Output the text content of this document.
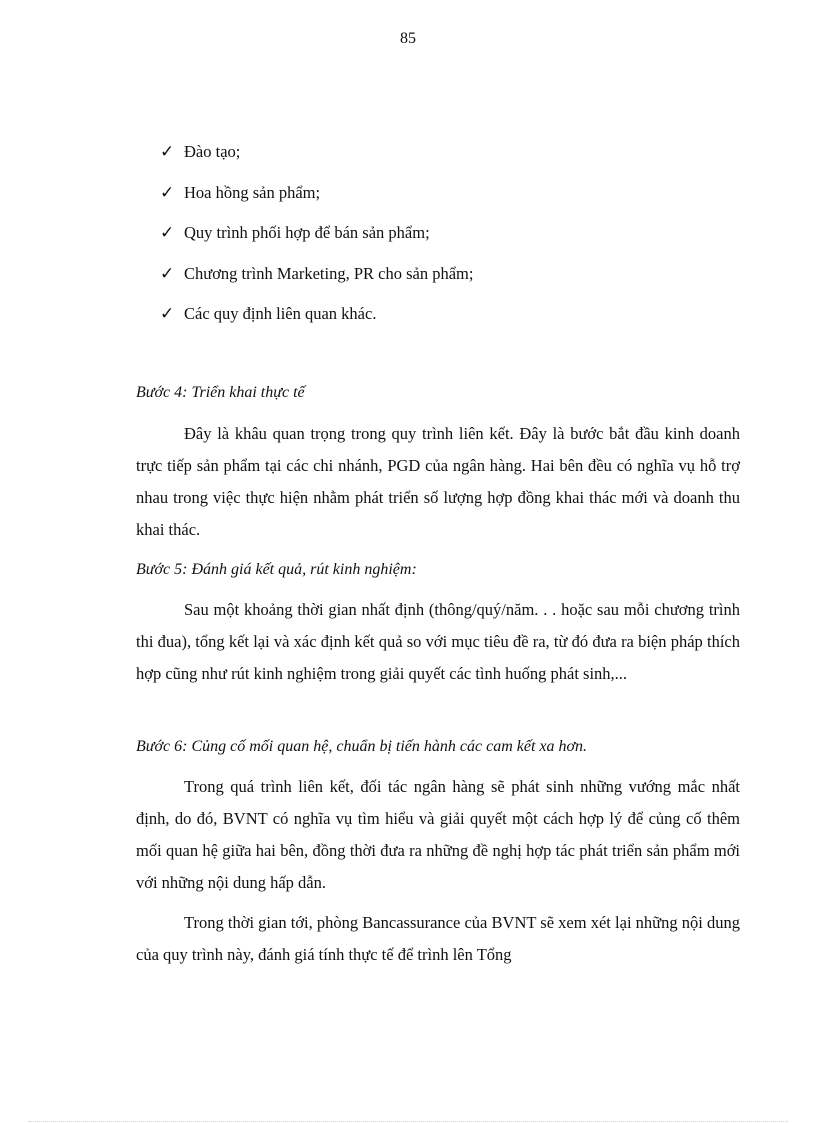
85
✓ Đào tạo;
✓ Hoa hồng sản phẩm;
✓ Quy trình phối hợp để bán sản phẩm;
✓ Chương trình Marketing, PR cho sản phẩm;
✓ Các quy định liên quan khác.
Bước 4: Triển khai thực tế

Đây là khâu quan trọng trong quy trình liên kết. Đây là bước bắt đầu kinh doanh trực tiếp sản phẩm tại các chi nhánh, PGD của ngân hàng. Hai bên đều có nghĩa vụ hỗ trợ nhau trong việc thực hiện nhằm phát triển số lượng hợp đồng khai thác mới và doanh thu khai thác.

Bước 5: Đánh giá kết quả, rút kinh nghiệm:

Sau một khoảng thời gian nhất định (thông/quý/năm. . . hoặc sau mỗi chương trình thi đua), tổng kết lại và xác định kết quả so với mục tiêu đề ra, từ đó đưa ra biện pháp thích hợp cũng như rút kinh nghiệm trong giải quyết các tình huống phát sinh,...

Bước 6: Củng cố mối quan hệ, chuẩn bị tiến hành các cam kết xa hơn.

Trong quá trình liên kết, đối tác ngân hàng sẽ phát sinh những vướng mắc nhất định, do đó, BVNT có nghĩa vụ tìm hiểu và giải quyết một cách hợp lý để củng cố thêm mối quan hệ giữa hai bên, đồng thời đưa ra những đề nghị hợp tác phát triển sản phẩm mới với những nội dung hấp dẫn.

Trong thời gian tới, phòng Bancassurance của BVNT sẽ xem xét lại những nội dung của quy trình này, đánh giá tính thực tế để trình lên Tổng
